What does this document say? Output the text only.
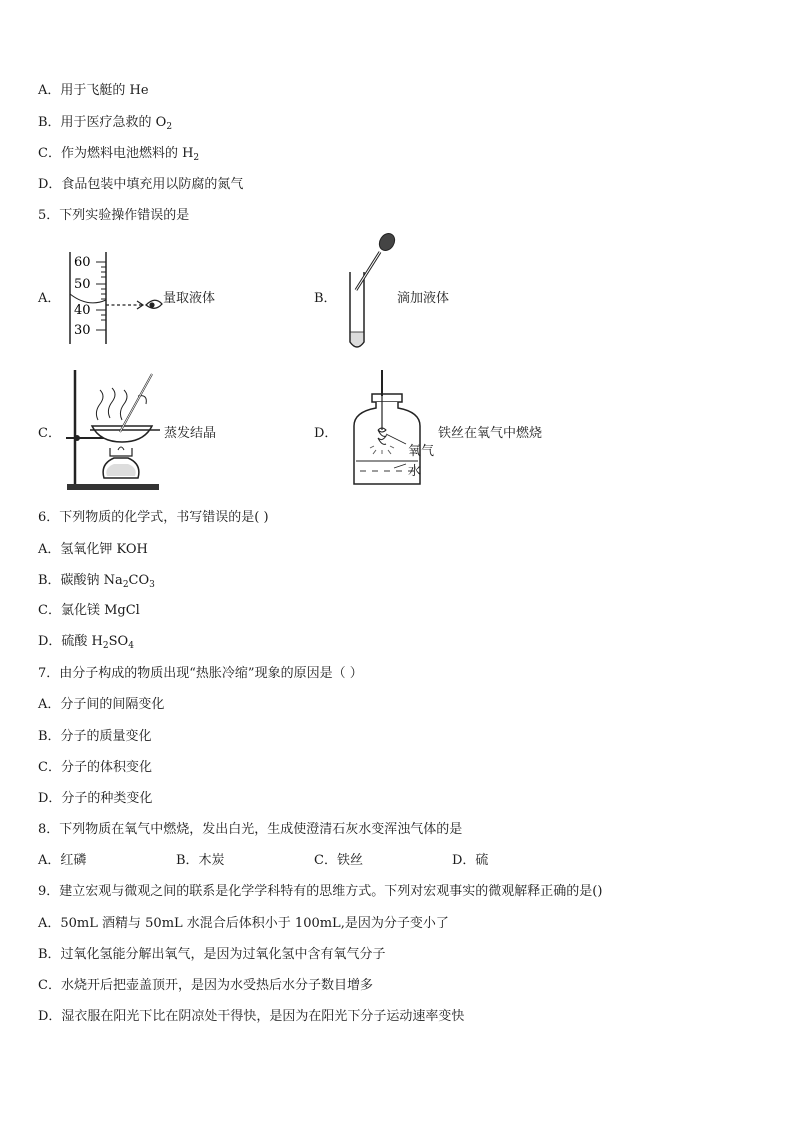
A．用于飞艇的 He
B．用于医疗急救的 $O_2$
C．作为燃料电池燃料的 $H_2$
D．食品包装中填充用以防腐的氮气
5．下列实验操作错误的是
A．
60
50
40
30
量取液体	B．	滴加液体
C．	蒸发结晶	D．
氧气
水
铁丝在氧气中燃烧
6．下列物质的化学式，书写错误的是( )
A．氢氧化钾 KOH
B．碳酸钠 $Na_2CO_3$
C．氯化镁 MgCl
D．硫酸 $H_2SO_4$
7．由分子构成的物质出现“热胀冷缩”现象的原因是（ ）
A．分子间的间隔变化
B．分子的质量变化
C．分子的体积变化
D．分子的种类变化
8．下列物质在氧气中燃烧，发出白光，生成使澄清石灰水变浑浊气体的是
A．红磷	B．木炭	C．铁丝	D．硫
9．建立宏观与微观之间的联系是化学学科特有的思维方式。下列对宏观事实的微观解释正确的是()
A．50mL 酒精与 50mL 水混合后体积小于 100mL,是因为分子变小了
B．过氧化氢能分解出氧气，是因为过氧化氢中含有氧气分子
C．水烧开后把壶盖顶开，是因为水受热后水分子数目增多
D．湿衣服在阳光下比在阴凉处干得快，是因为在阳光下分子运动速率变快
